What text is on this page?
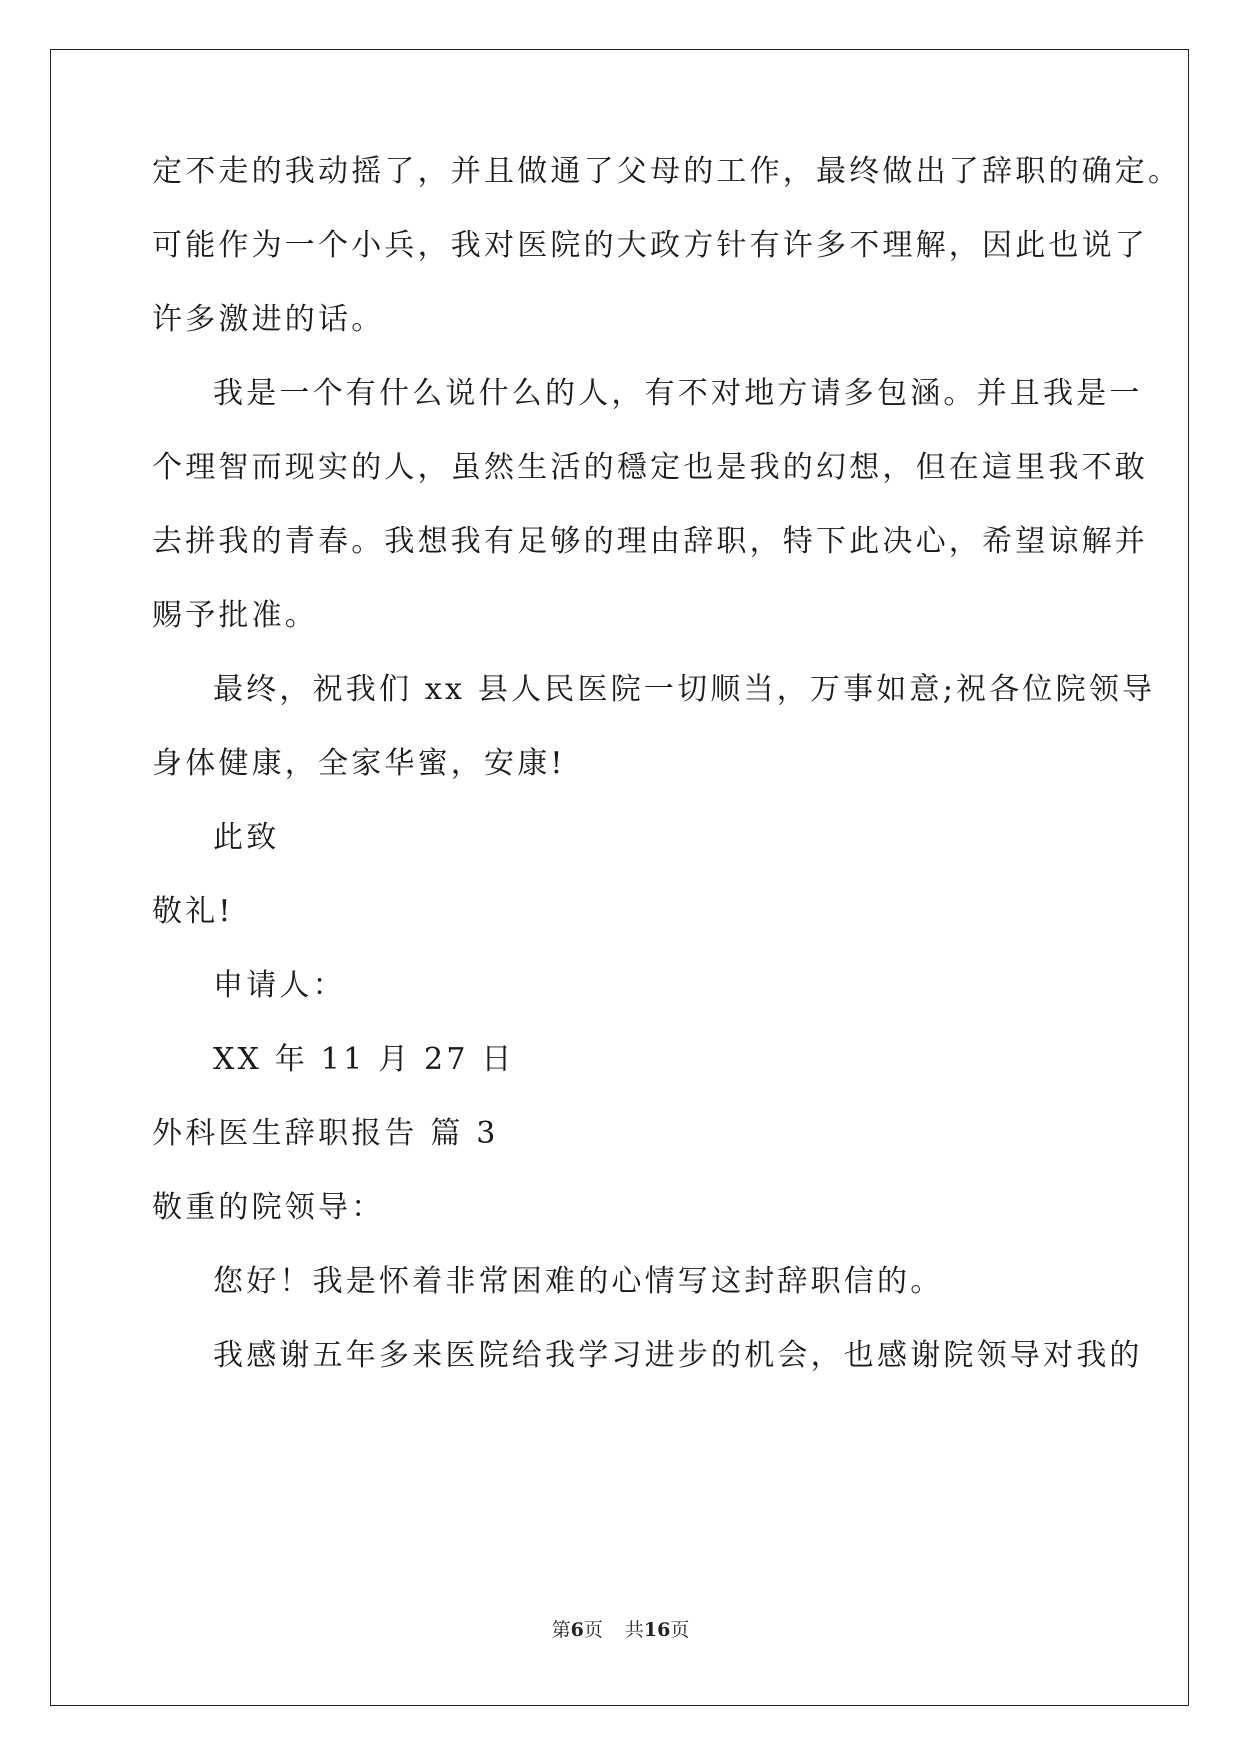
定不走的我动摇了，并且做通了父母的工作，最终做出了辞职的确定。
可能作为一个小兵，我对医院的大政方针有许多不理解，因此也说了
许多激进的话。
我是一个有什么说什么的人，有不对地方请多包涵。并且我是一
个理智而现实的人，虽然生活的穩定也是我的幻想，但在這里我不敢
去拼我的青春。我想我有足够的理由辞职，特下此决心，希望谅解并
赐予批准。
最终，祝我们 xx 县人民医院一切顺当，万事如意;祝各位院领导
身体健康，全家华蜜，安康!
此致
敬礼!
申请人：
XX 年 11 月 27 日
外科医生辞职报告 篇 3
敬重的院领导：
您好！我是怀着非常困难的心情写这封辞职信的。
我感谢五年多来医院给我学习进步的机会，也感谢院领导对我的
第6页 共16页
